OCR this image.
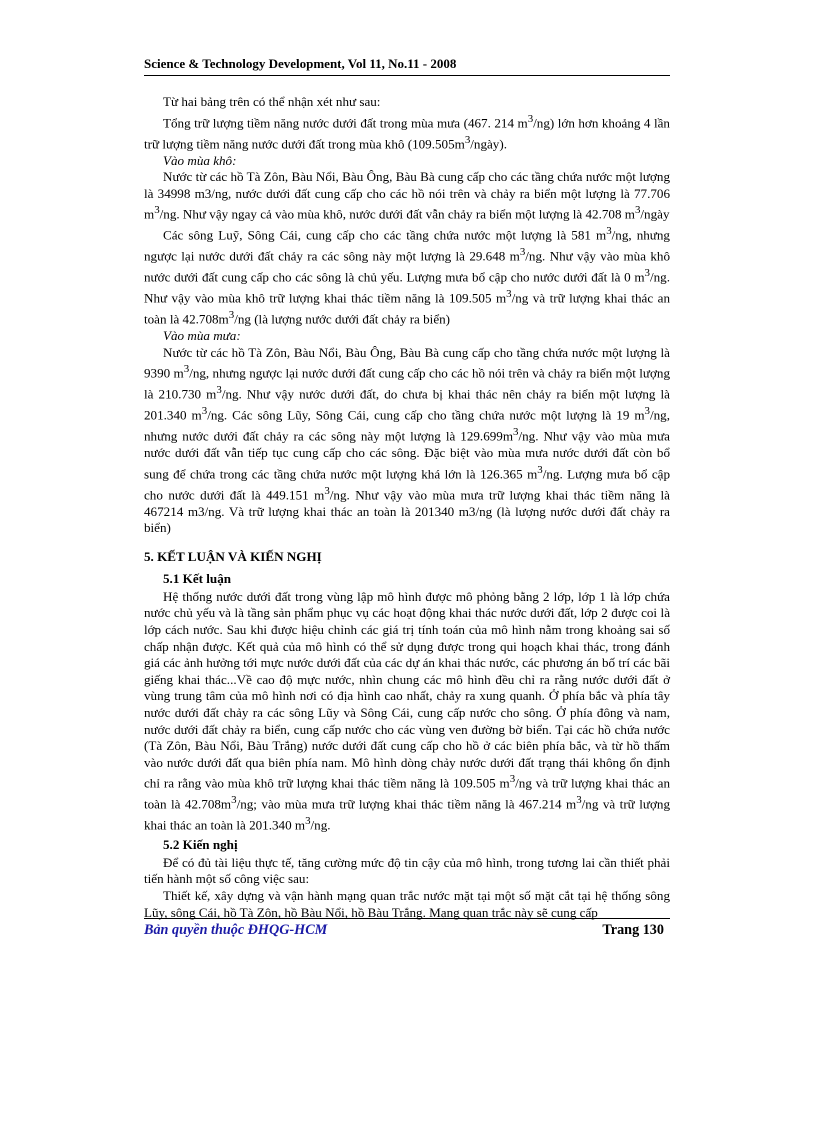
Science & Technology Development, Vol 11, No.11 - 2008

Từ hai bảng trên có thể nhận xét như sau:

Tổng trữ lượng tiềm năng nước dưới đất trong mùa mưa (467. 214 $m^3/ng$) lớn hơn khoảng 4 lần trữ lượng tiềm năng nước dưới đất trong mùa khô $(109.505m^3/ngày)$.

Vào mùa khô:

Nước từ các hồ Tà Zôn, Bàu Nổi, Bàu Ông, Bàu Bà cung cấp cho các tầng chứa nước một lượng là 34998 m3/ng, nước dưới đất cung cấp cho các hồ nói trên và chảy ra biển một lượng là 77.706 $m^3/ng$. Như vậy ngay cả vào mùa khô, nước dưới đất vẫn chảy ra biển một lượng là 42.708 $m^3$/ngày

Các sông Luỹ, Sông Cái, cung cấp cho các tầng chứa nước một lượng là 581 $m^3/ng$, nhưng ngược lại nước dưới đất chảy ra các sông này một lượng là 29.648 $m^3/ng$. Như vậy vào mùa khô nước dưới đất cung cấp cho các sông là chủ yếu. Lượng mưa bổ cập cho nước dưới đất là 0 $m^3/ng$. Như vậy vào mùa khô trữ lượng khai thác tiềm năng là 109.505 $m^3/ng$ và trữ lượng khai thác an toàn là $42.708m^3/ng$ (là lượng nước dưới đất chảy ra biển)

Vào mùa mưa:

Nước từ các hồ Tà Zôn, Bàu Nổi, Bàu Ông, Bàu Bà cung cấp cho tầng chứa nước một lượng là 9390 $m^3/ng$, nhưng ngược lại nước dưới đất cung cấp cho các hồ nói trên và chảy ra biển một lượng là 210.730 $m^3/ng$. Như vậy nước dưới đất, do chưa bị khai thác nên chảy ra biển một lượng là 201.340 $m^3/ng$. Các sông Lũy, Sông Cái, cung cấp cho tầng chứa nước một lượng là 19 $m^3/ng$, nhưng nước dưới đất chảy ra các sông này một lượng là $129.699m^3/ng$. Như vậy vào mùa mưa nước dưới đất vẫn tiếp tục cung cấp cho các sông. Đặc biệt vào mùa mưa nước dưới đất còn bổ sung để chứa trong các tầng chứa nước một lượng khá lớn là 126.365 $m^3/ng$. Lượng mưa bổ cập cho nước dưới đất là 449.151 $m^3/ng$. Như vậy vào mùa mưa trữ lượng khai thác tiềm năng là 467214 m3/ng. Và trữ lượng khai thác an toàn là 201340 m3/ng (là lượng nước dưới đất chảy ra biển)

5. KẾT LUẬN VÀ KIẾN NGHỊ
5.1 Kết luận

Hệ thống nước dưới đất trong vùng lập mô hình được mô phỏng bằng 2 lớp, lớp 1 là lớp chứa nước chủ yếu và là tầng sản phẩm phục vụ các hoạt động khai thác nước dưới đất, lớp 2 được coi là lớp cách nước. Sau khi được hiệu chỉnh các giá trị tính toán của mô hình nằm trong khoảng sai số chấp nhận được. Kết quả của mô hình có thể sử dụng được trong qui hoạch khai thác, trong đánh giá các ảnh hưởng tới mực nước dưới đất của các dự án khai thác nước, các phương án bố trí các bãi giếng khai thác...Về cao độ mực nước, nhìn chung các mô hình đều chỉ ra rằng nước dưới đất ở vùng trung tâm của mô hình nơi có địa hình cao nhất, chảy ra xung quanh. Ở phía bắc và phía tây nước dưới đất chảy ra các sông Lũy và Sông Cái, cung cấp nước cho sông. Ở phía đông và nam, nước dưới đất chảy ra biển, cung cấp nước cho các vùng ven đường bờ biển. Tại các hồ chứa nước (Tà Zôn, Bàu Nổi, Bàu Trắng) nước dưới đất cung cấp cho hồ ở các biên phía bắc, và từ hồ thấm vào nước dưới đất qua biên phía nam. Mô hình dòng chảy nước dưới đất trạng thái không ổn định chỉ ra rằng vào mùa khô trữ lượng khai thác tiềm năng là 109.505 $m^3/ng$ và trữ lượng khai thác an toàn là $42.708m^3/ng$; vào mùa mưa trữ lượng khai thác tiềm năng là 467.214 $m^3/ng$ và trữ lượng khai thác an toàn là 201.340 $m^3/ng$.

5.2 Kiến nghị

Để có đủ tài liệu thực tế, tăng cường mức độ tin cậy của mô hình, trong tương lai cần thiết phải tiến hành một số công việc sau:

Thiết kế, xây dựng và vận hành mạng quan trắc nước mặt tại một số mặt cắt tại hệ thống sông Lũy, sông Cái, hồ Tà Zôn, hồ Bàu Nổi, hồ Bàu Trắng. Mạng quan trắc này sẽ cung cấp

Bản quyền thuộc ĐHQG-HCM	Trang 130
